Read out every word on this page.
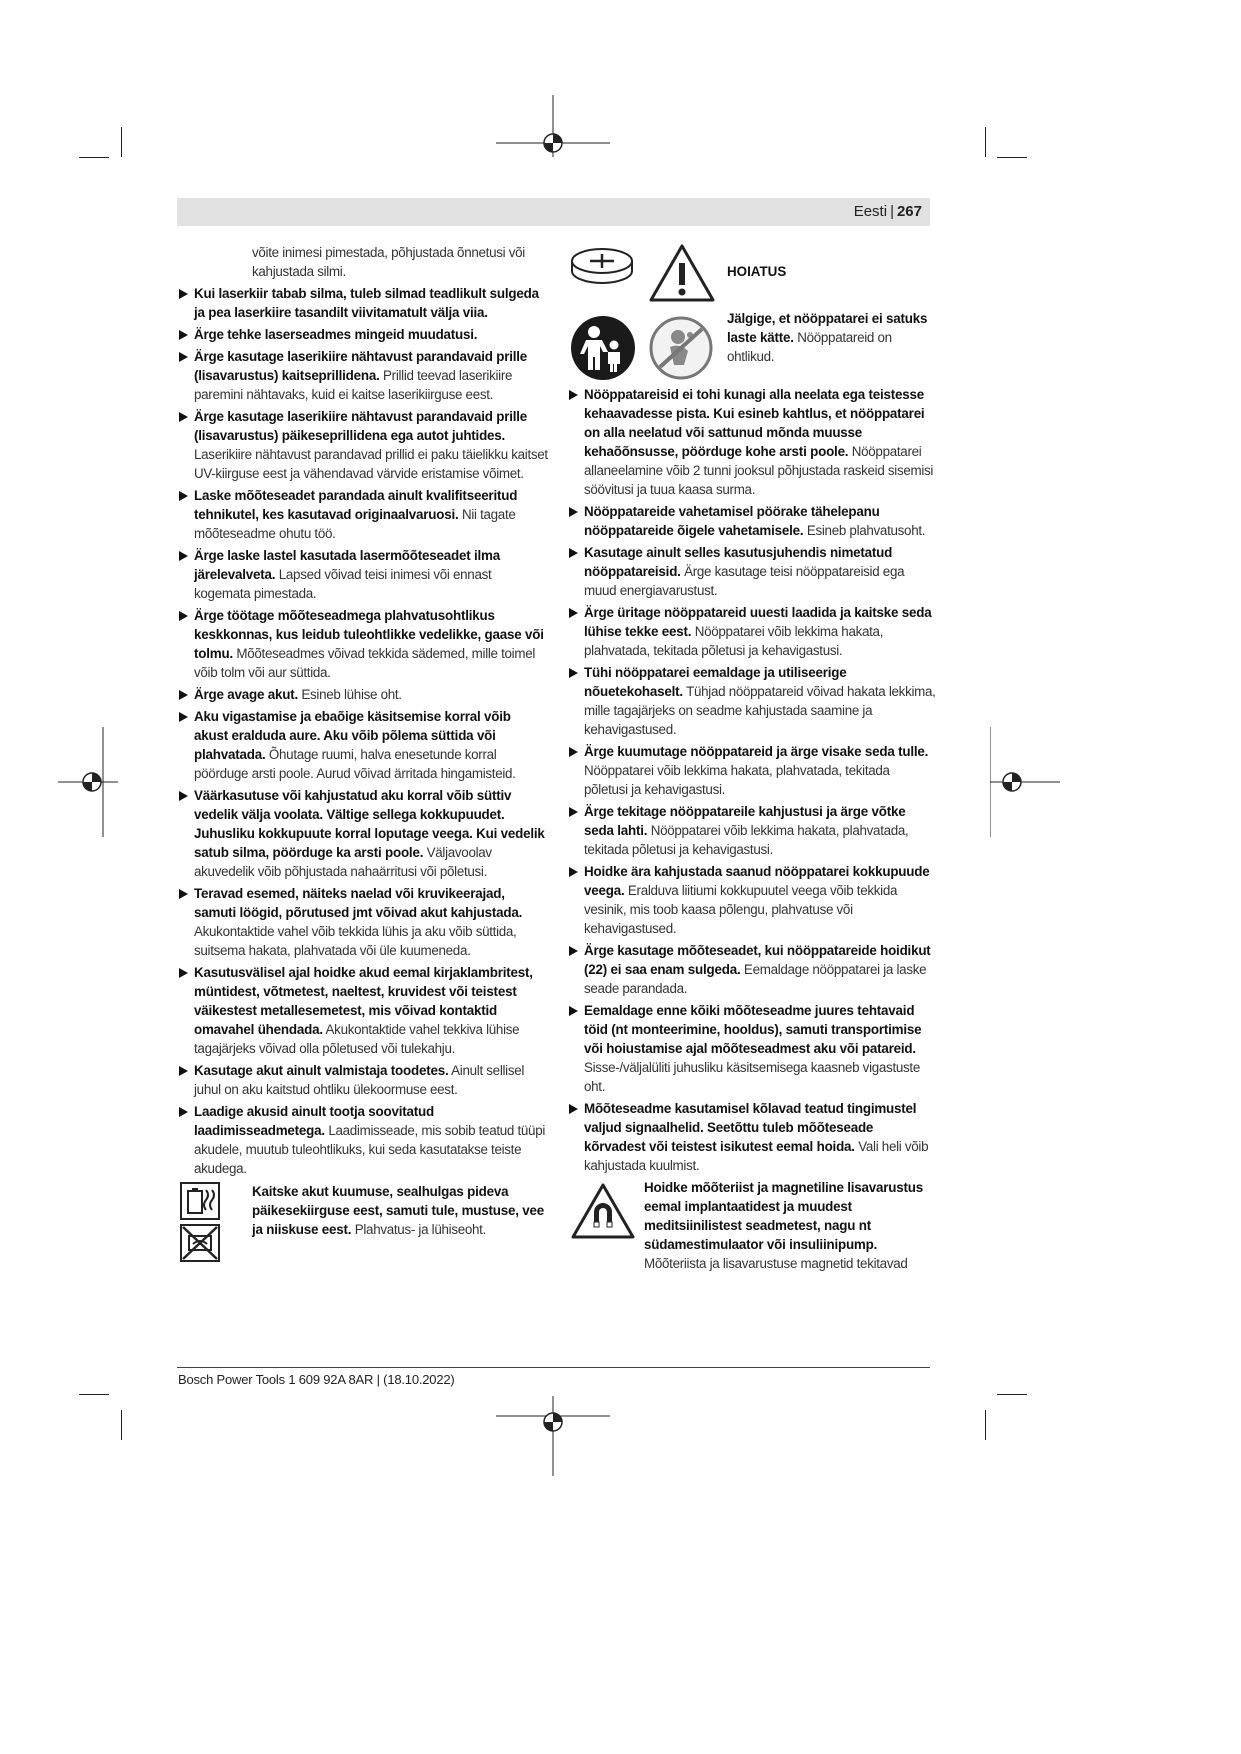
Eesti | 267
võite inimesi pimestada, põhjustada õnnetusi või kahjustada silmi.
Kui laserkiir tabab silma, tuleb silmad teadlikult sulgeda ja pea laserkiire tasandilt viivitamatult välja viia.
Ärge tehke laserseadmes mingeid muudatusi.
Ärge kasutage laserikiire nähtavust parandavaid prille (lisavarustus) kaitseprillidena. Prillid teevad laserikiire paremini nähtavaks, kuid ei kaitse laserikiirguse eest.
Ärge kasutage laserikiire nähtavust parandavaid prille (lisavarustus) päikeseprillidena ega autot juhtides. Laserikiire nähtavust parandavad prillid ei paku täielikku kaitset UV-kiirguse eest ja vähendavad värvide eristamise võimet.
Laske mõõteseadet parandada ainult kvalifitseeritud tehnikutel, kes kasutavad originaalvaruosi. Nii tagate mõõteseadme ohutu töö.
Ärge laske lastel kasutada lasermõõteseadet ilma järelevalveta. Lapsed võivad teisi inimesi või ennast kogemata pimestada.
Ärge töötage mõõteseadmega plahvatusohtlikus keskkonnas, kus leidub tuleohtlikke vedelikke, gaase või tolmu. Mõõteseadmes võivad tekkida sädemed, mille toimel võib tolm või aur süttida.
Ärge avage akut. Esineb lühise oht.
Aku vigastamise ja ebaõige käsitsemise korral võib akust eralduda aure. Aku võib põlema süttida või plahvatada. Õhutage ruumi, halva enesetunde korral pöörduge arsti poole. Aurud võivad ärritada hingamisteid.
Väärkasutuse või kahjustatud aku korral võib süttiv vedelik välja voolata. Vältige sellega kokkupuudet. Juhusliku kokkupuute korral loputage veega. Kui vedelik satub silma, pöörduge ka arsti poole. Väljavoolav akuvedelik võib põhjustada nahaärritusi või põletusi.
Teravad esemed, näiteks naelad või kruvikeerajad, samuti löögid, põrutused jmt võivad akut kahjustada. Akukontaktide vahel võib tekkida lühis ja aku võib süttida, suitsema hakata, plahvatada või üle kuumeneda.
Kasutusvälisel ajal hoidke akud eemal kirjaklambritest, müntidest, võtmetest, naeltest, kruvidest või teistest väikestest metallesemetest, mis võivad kontaktid omavahel ühendada. Akukontaktide vahel tekkiva lühise tagajärjeks võivad olla põletused või tulekahju.
Kasutage akut ainult valmistaja toodetes. Ainult sellisel juhul on aku kaitstud ohtliku ülekoormuse eest.
Laadige akusid ainult tootja soovitatud laadimisseadmetega. Laadimisseade, mis sobib teatud tüüpi akudele, muutub tuleohtlikuks, kui seda kasutatakse teiste akudega.
Kaitske akut kuumuse, sealhulgas pideva päikesekiirguse eest, samuti tule, mustuse, vee ja niiskuse eest. Plahvatus- ja lühiseoht.
HOIATUS
Jälgige, et nööppatarei ei satuks laste kätte. Nööppatareid on ohtlikud.
Nööppatareisid ei tohi kunagi alla neelata ega teistesse kehaavadesse pista. Kui esineb kahtlus, et nööppatarei on alla neelatud või sattunud mõnda muusse kehaõõnsusse, pöörduge kohe arsti poole. Nööppatarei allaneelamine võib 2 tunni jooksul põhjustada raskeid sisemisi söövitusi ja tuua kaasa surma.
Nööppatareide vahetamisel pöörake tähelepanu nööppatareide õigele vahetamisele. Esineb plahvatusoht.
Kasutage ainult selles kasutusjuhendis nimetatud nööppatareisid. Ärge kasutage teisi nööppatareisid ega muud energiavarustust.
Ärge üritage nööppatareid uuesti laadida ja kaitske seda lühise tekke eest. Nööppatarei võib lekkima hakata, plahvatada, tekitada põletusi ja kehavigastusi.
Tühi nööppatarei eemaldage ja utiliseerige nõuetekohaselt. Tühjad nööppatareid võivad hakata lekkima, mille tagajärjeks on seadme kahjustada saamine ja kehavigastused.
Ärge kuumutage nööppatareid ja ärge visake seda tulle. Nööppatarei võib lekkima hakata, plahvatada, tekitada põletusi ja kehavigastusi.
Ärge tekitage nööppatareile kahjustusi ja ärge võtke seda lahti. Nööppatarei võib lekkima hakata, plahvatada, tekitada põletusi ja kehavigastusi.
Hoidke ära kahjustada saanud nööppatarei kokkupuude veega. Eralduva liitiumi kokkupuutel veega võib tekkida vesinik, mis toob kaasa põlengu, plahvatuse või kehavigastused.
Ärge kasutage mõõteseadet, kui nööppatareide hoidikut (22) ei saa enam sulgeda. Eemaldage nööppatarei ja laske seade parandada.
Eemaldage enne kõiki mõõteseadme juures tehtavaid töid (nt monteerimine, hooldus), samuti transportimise või hoiustamise ajal mõõteseadmest aku või patareid. Sisse-/väljalüliti juhusliku käsitsemisega kaasneb vigastuste oht.
Mõõteseadme kasutamisel kõlavad teatud tingimustel valjud signaalhelid. Seetõttu tuleb mõõteseade kõrvadest või teistest isikutest eemal hoida. Vali heli võib kahjustada kuulmist.
Hoidke mõõteriist ja magnetiline lisavarustus eemal implantaatidest ja muudest meditsiinilistest seadmetest, nagu nt südamestimulaator või insuliinipump. Mõõteriista ja lisavarustuse magnetid tekitavad
Bosch Power Tools 1 609 92A 8AR | (18.10.2022)
